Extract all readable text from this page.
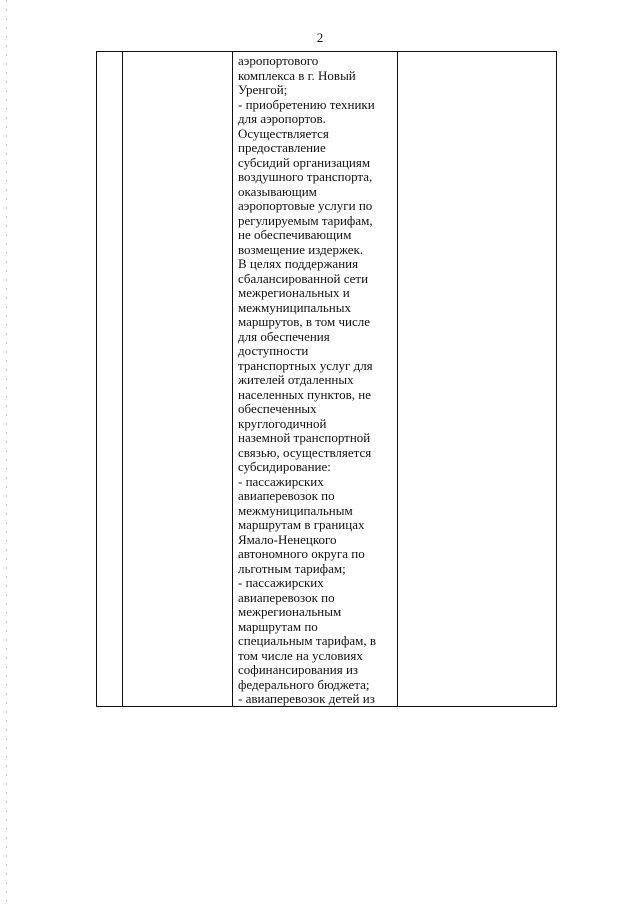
2
аэропортового
комплекса в г. Новый
Уренгой;
- приобретению техники
для аэропортов.
Осуществляется
предоставление
субсидий организациям
воздушного транспорта,
оказывающим
аэропортовые услуги по
регулируемым тарифам,
не обеспечивающим
возмещение издержек.
В целях поддержания
сбалансированной сети
межрегиональных и
межмуниципальных
маршрутов, в том числе
для обеспечения
доступности
транспортных услуг для
жителей отдаленных
населенных пунктов, не
обеспеченных
круглогодичной
наземной транспортной
связью, осуществляется
субсидирование:
- пассажирских
авиаперевозок по
межмуниципальным
маршрутам в границах
Ямало-Ненецкого
автономного округа по
льготным тарифам;
- пассажирских
авиаперевозок по
межрегиональным
маршрутам по
специальным тарифам, в
том числе на условиях
софинансирования из
федерального бюджета;
- авиаперевозок детей из
